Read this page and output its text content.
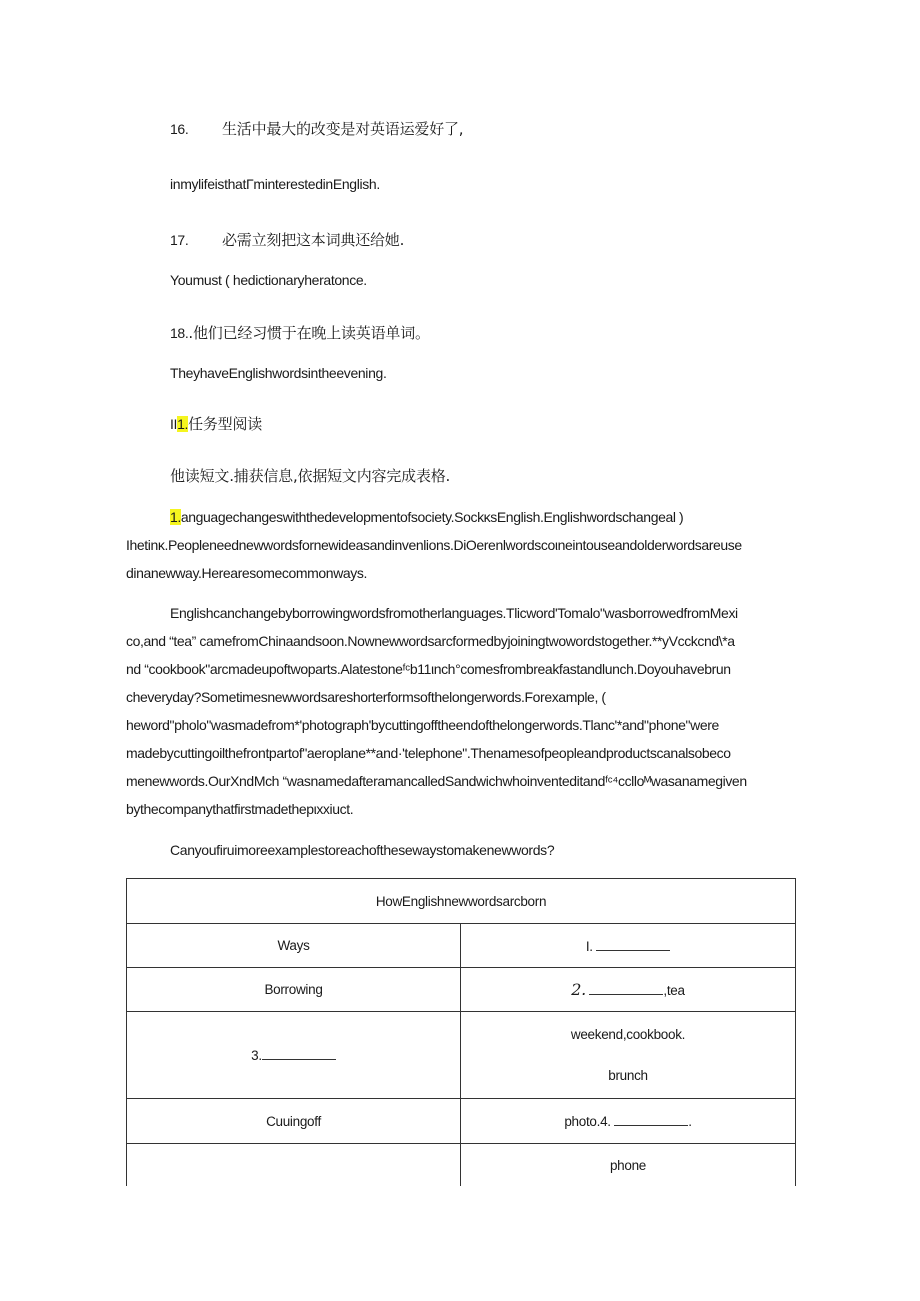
16. 生活中最大的改变是对英语运爱好了,
inmylifeisthatΓminterestedinEnglish.
17. 必需立刻把这本词典还给她.
Youmust ( hedictionaryheratonce.
18..他们已经习惯于在晚上读英语单词。
TheyhaveEnglishwordsintheevening.
II1.任务型阅读
他读短文.捕获信息,依据短文内容完成表格.
1.anguagechangeswiththedevelopmentofsociety.SockκsEnglish.Englishwordschangeal )
Ihetinκ.Peopleneednewwordsfornewideasandinvenlions.DiOerenlwordscoιneintouseandolderwordsareuse
dinanewway.Herearesomecommonways.
Englishcanchangebyborrowingwordsfromotherlanguages.Tlicword'Tomalo"wasborrowedfromMexi
co,and “tea” camefromChinaandsoon.Nownewwordsarcformedbyjoiningtwowordstogether.**yVcckcnd\*a
nd “cookbook"arcmadeupoftwoparts.Alatestoneᶠᶜb11ιnch°comesfrombreakfastandlunch.Doyouhavebrun
cheveryday?Sometimesnewwordsareshorterformsofthelongerwords.Forexample, (
heword"pholo"wasmadefrom*'photograph'bycuttingofftheendofthelongerwords.Tlanc'*and"phone"were
madebycuttingoilthefrontpartof"aeroplane**and·'telephone".Thenamesofpeopleandproductscanalsobeco
menewwords.OurXndMch “wasnamedafteramancalledSandwichwhoinventeditandᶠᶜ⁴cclloᴹwasanamegiven
bythecompanythatfirstmadethepιxxiuct.
Canyoufiruimoreexamplestoreachofthesewaystomakenewwords?
HowEnglishnewwordsarcborn	
Ways	I.
Borrowing	2. ,tea
3.	weekend,cookbook.
brunch

Cuuingoff	photo.4. .
	phone
